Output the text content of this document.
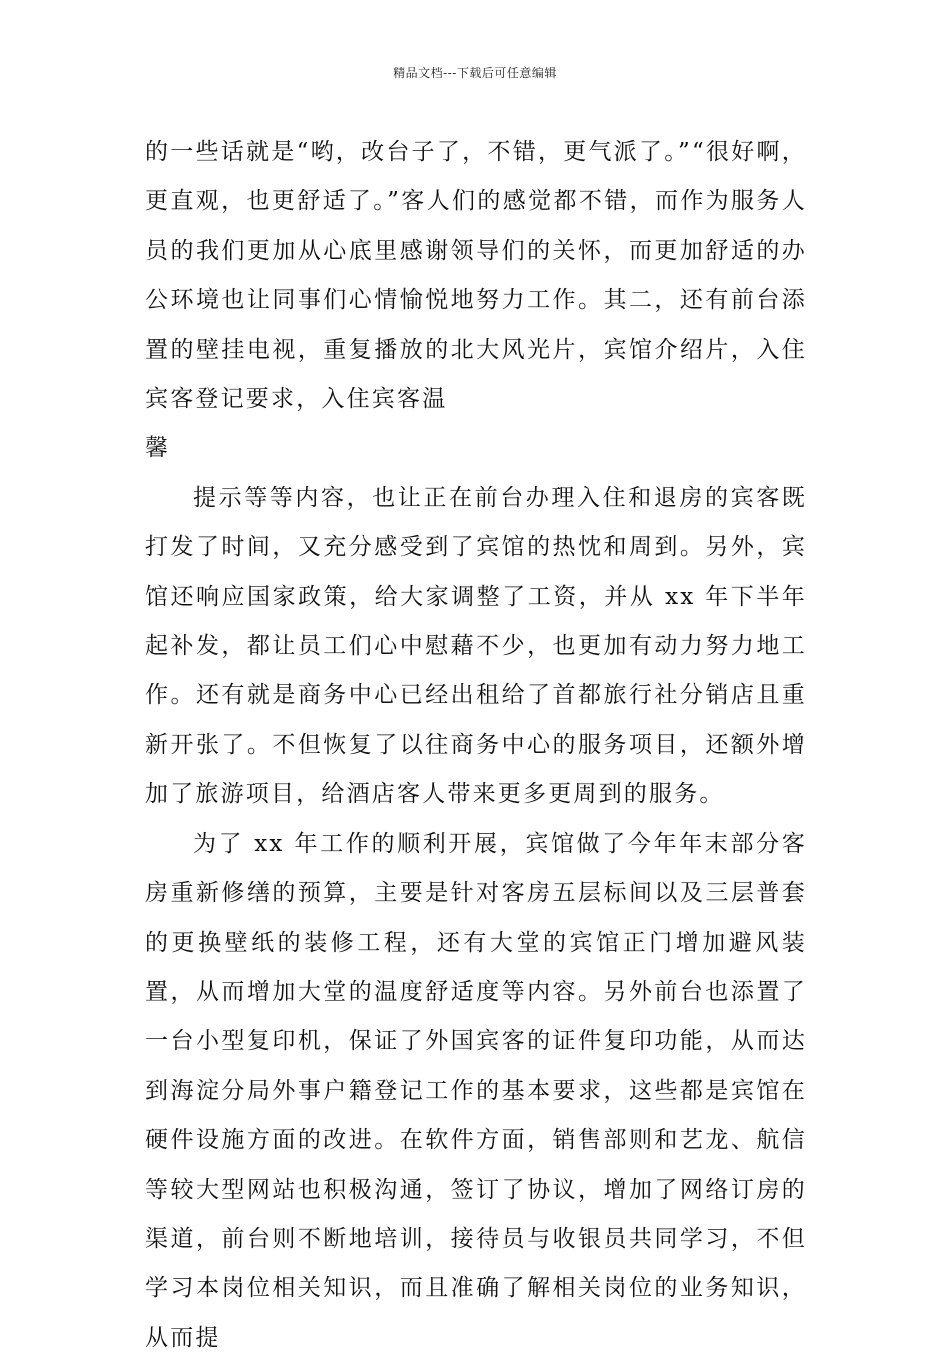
精品文档---下载后可任意编辑

的一些话就是“哟，改台子了，不错，更气派了。”“很好啊，更直观，也更舒适了。”客人们的感觉都不错，而作为服务人员的我们更加从心底里感谢领导们的关怀，而更加舒适的办公环境也让同事们心情愉悦地努力工作。其二，还有前台添置的壁挂电视，重复播放的北大风光片，宾馆介绍片，入住宾客登记要求，入住宾客温

馨

提示等等内容，也让正在前台办理入住和退房的宾客既打发了时间，又充分感受到了宾馆的热忱和周到。另外，宾馆还响应国家政策，给大家调整了工资，并从 xx 年下半年起补发，都让员工们心中慰藉不少，也更加有动力努力地工作。还有就是商务中心已经出租给了首都旅行社分销店且重新开张了。不但恢复了以往商务中心的服务项目，还额外增加了旅游项目，给酒店客人带来更多更周到的服务。

为了 xx 年工作的顺利开展，宾馆做了今年年末部分客房重新修缮的预算，主要是针对客房五层标间以及三层普套的更换壁纸的装修工程，还有大堂的宾馆正门增加避风装置，从而增加大堂的温度舒适度等内容。另外前台也添置了一台小型复印机，保证了外国宾客的证件复印功能，从而达到海淀分局外事户籍登记工作的基本要求，这些都是宾馆在硬件设施方面的改进。在软件方面，销售部则和艺龙、航信等较大型网站也积极沟通，签订了协议，增加了网络订房的渠道，前台则不断地培训，接待员与收银员共同学习，不但学习本岗位相关知识，而且准确了解相关岗位的业务知识，从而提
